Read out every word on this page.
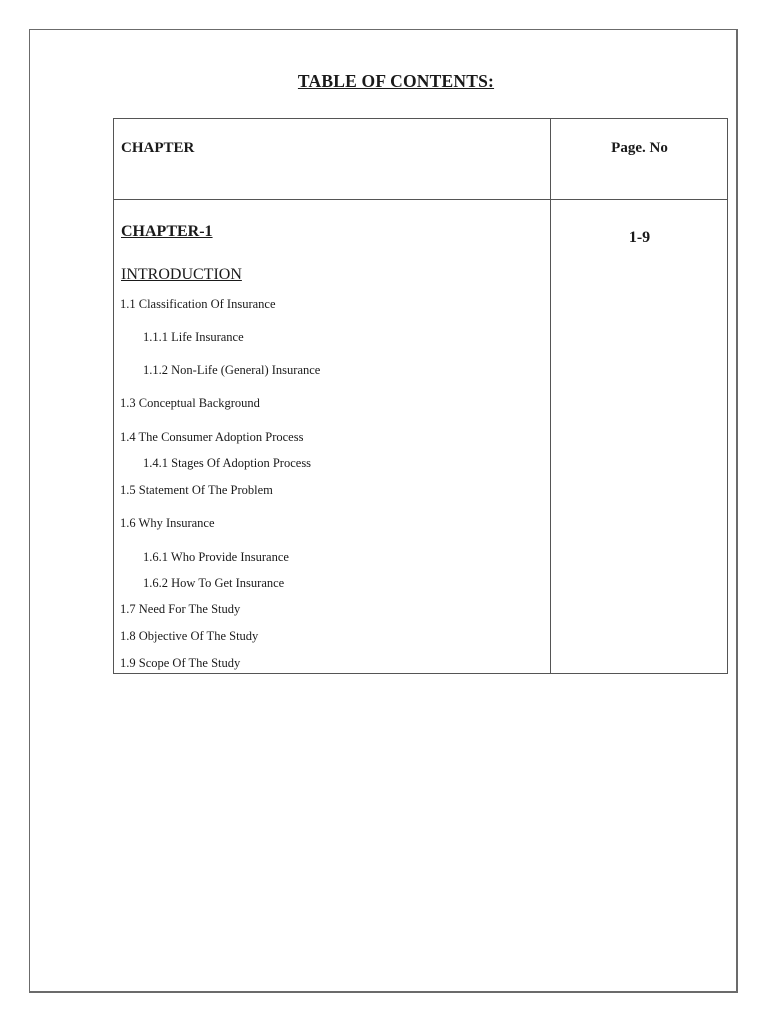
TABLE OF CONTENTS:
CHAPTER	Page. No
CHAPTER-1	1-9
INTRODUCTION
1.1 Classification Of Insurance
1.1.1 Life Insurance
1.1.2 Non-Life (General) Insurance
1.3 Conceptual Background
1.4 The Consumer Adoption Process
1.4.1 Stages Of Adoption Process
1.5 Statement Of The Problem
1.6 Why Insurance
1.6.1 Who Provide Insurance
1.6.2 How To Get Insurance
1.7 Need For The Study
1.8 Objective Of The Study
1.9 Scope Of The Study
